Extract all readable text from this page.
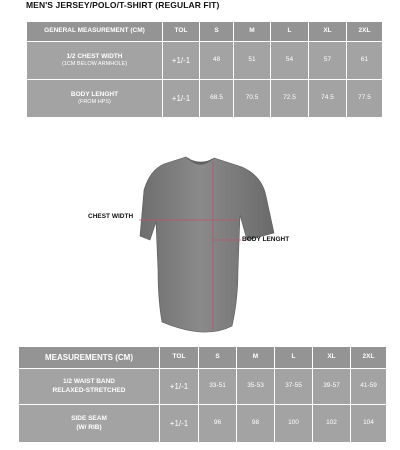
MEN'S JERSEY/POLO/T-SHIRT (REGULAR FIT)
GENERAL MEASUREMENT (CM)	TOL	S	M	L	XL	2XL

1/2 CHEST WIDTH
(1CM BELOW ARMHOLE)	+1/-1	48	51	54	57	61

BODY LENGHT
(FROM HPS)	+1/-1	68.5	70.5	72.5	74.5	77.5
CHEST WIDTH
BODY LENGHT
MEASUREMENTS (CM)	TOL	S	M	L	XL	2XL

1/2 WAIST BAND
RELAXED-STRETCHED	+1/-1	33-51	35-53	37-55	39-57	41-59

SIDE SEAM
(W/ RIB)	+1/-1	96	98	100	102	104
